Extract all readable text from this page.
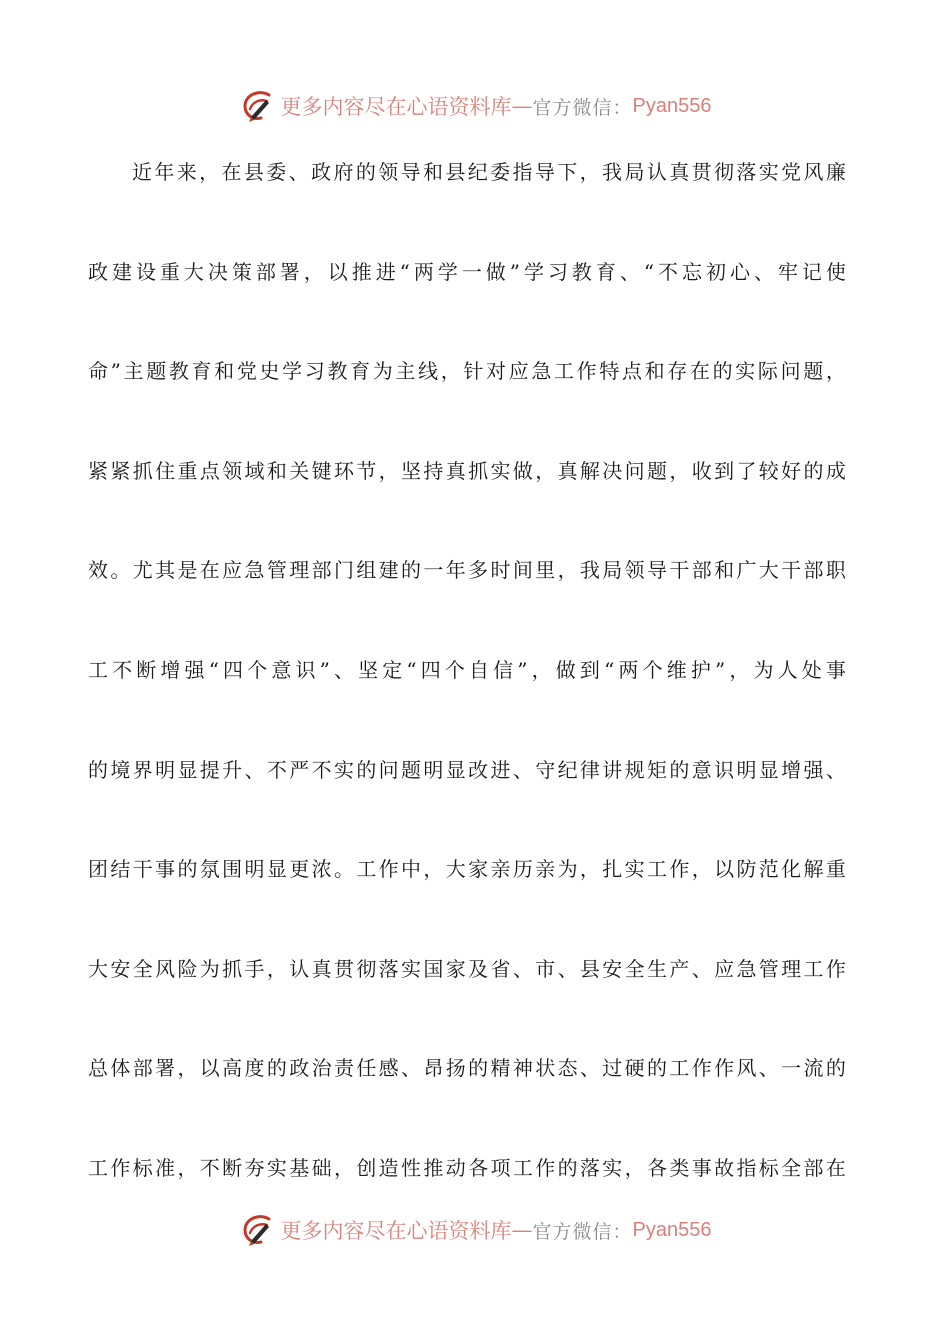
更多内容尽在心语资料库 — 官方微信： Pyan556
近年来，在县委、政府的领导和县纪委指导下，我局认真贯彻落实党风廉
政建设重大决策部署，以推进“两学一做”学习教育、“不忘初心、牢记使
命”主题教育和党史学习教育为主线，针对应急工作特点和存在的实际问题，
紧紧抓住重点领域和关键环节，坚持真抓实做，真解决问题，收到了较好的成
效。尤其是在应急管理部门组建的一年多时间里，我局领导干部和广大干部职
工不断增强“四个意识”、坚定“四个自信”，做到“两个维护”，为人处事
的境界明显提升、不严不实的问题明显改进、守纪律讲规矩的意识明显增强、
团结干事的氛围明显更浓。工作中，大家亲历亲为，扎实工作，以防范化解重
大安全风险为抓手，认真贯彻落实国家及省、市、县安全生产、应急管理工作
总体部署，以高度的政治责任感、昂扬的精神状态、过硬的工作作风、一流的
工作标准，不断夯实基础，创造性推动各项工作的落实，各类事故指标全部在
更多内容尽在心语资料库 — 官方微信： Pyan556
